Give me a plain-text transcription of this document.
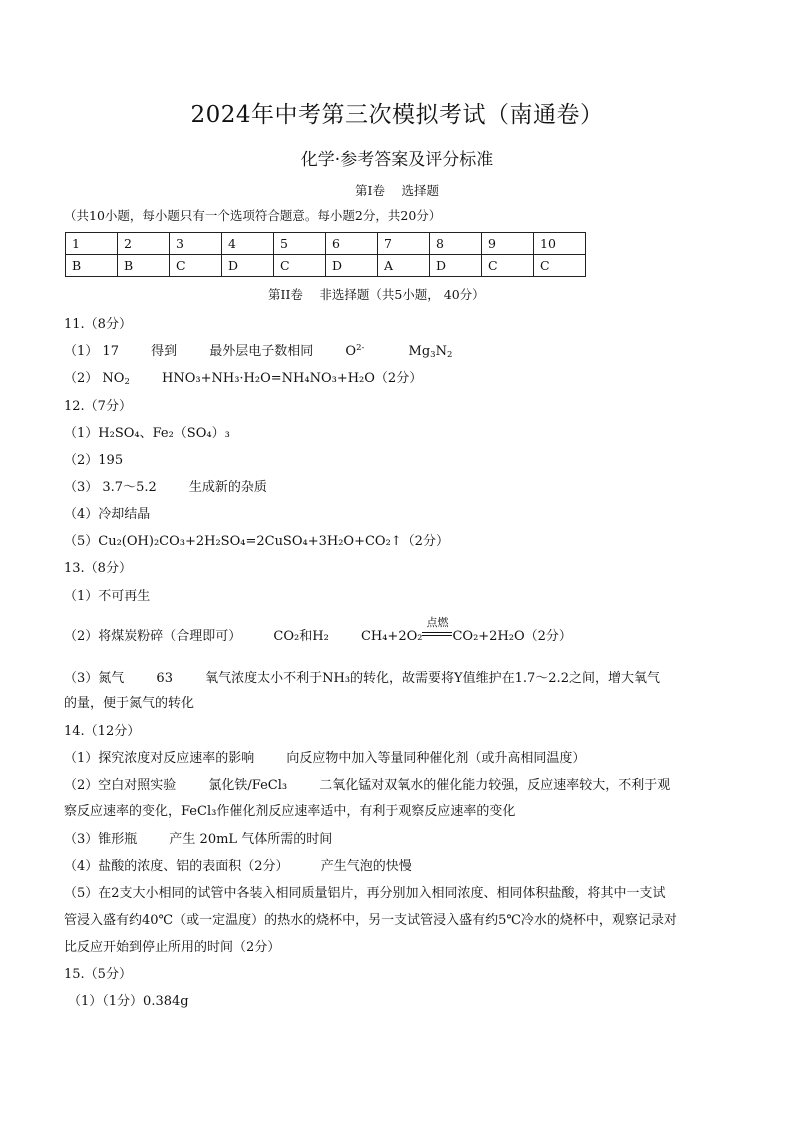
2024年中考第三次模拟考试（南通卷）
化学·参考答案及评分标准
第Ⅰ卷　 选择题
（共10小题，每小题只有一个选项符合题意。每小题2分，共20分）
1	2	3	4	5	6	7	8	9	10
B	B	C	D	C	D	A	D	C	C
第II卷　 非选择题（共5小题， 40分）
11.（8分）
（1） 17 得到 最外层电子数相同 $O^{2-}$	$Mg_3N_2$
（2） $NO_2$ HNO₃+NH₃·H₂O=NH₄NO₃+H₂O（2分）
12.（7分）
（1）H₂SO₄、Fe₂（SO₄）₃
（2）195
（3） 3.7～5.2 生成新的杂质
（4）冷却结晶
（5）Cu₂(OH)₂CO₃+2H₂SO₄=2CuSO₄+3H₂O+CO₂↑（2分）
13.（8分）
（1）不可再生
（2）将煤炭粉碎（合理即可） CO₂和H₂ CH₄+2O₂
点燃
CO₂+2H₂O（2分）
（3）氮气 63 氧气浓度太小不利于NH₃的转化，故需要将Y值维护在1.7～2.2之间，增大氧气
的量，便于氮气的转化
14.（12分）
（1）探究浓度对反应速率的影响 向反应物中加入等量同种催化剂（或升高相同温度）
（2）空白对照实验 氯化铁/FeCl₃ 二氧化锰对双氧水的催化能力较强，反应速率较大，不利于观
察反应速率的变化，FeCl₃作催化剂反应速率适中，有利于观察反应速率的变化
（3）锥形瓶 产生 20mL 气体所需的时间
（4）盐酸的浓度、铝的表面积（2分） 产生气泡的快慢
（5）在2支大小相同的试管中各装入相同质量铝片，再分别加入相同浓度、相同体积盐酸，将其中一支试
管浸入盛有约40℃（或一定温度）的热水的烧杯中，另一支试管浸入盛有约5℃冷水的烧杯中，观察记录对
比反应开始到停止所用的时间（2分）
15.（5分）
（1）（1分）0.384g
